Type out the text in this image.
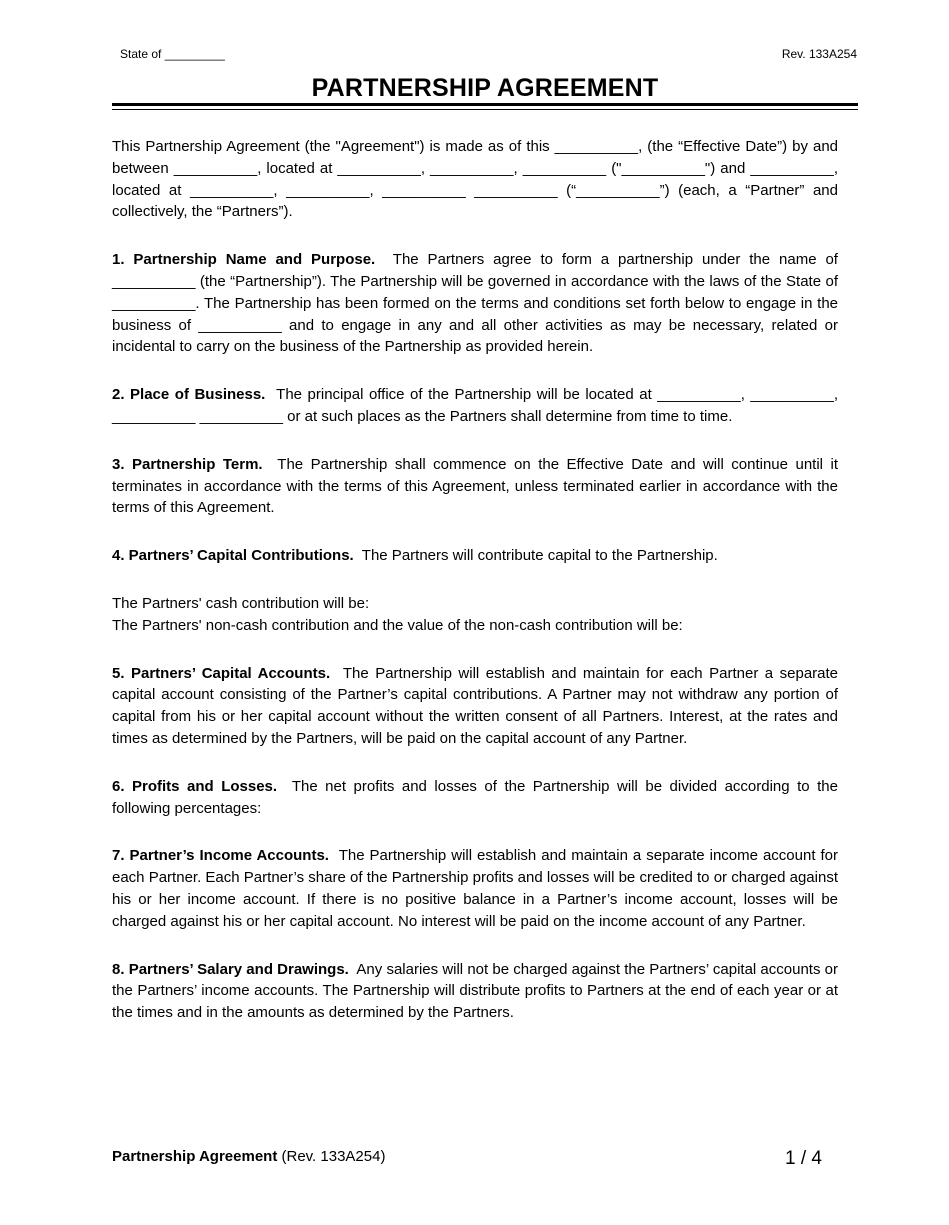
State of _________	Rev. 133A254
PARTNERSHIP AGREEMENT

This Partnership Agreement (the "Agreement") is made as of this __________, (the “Effective Date”) by and between __________, located at __________, __________, __________ ("__________") and __________, located at __________, __________, __________ __________ (“__________”) (each, a “Partner” and collectively, the “Partners”).

1. Partnership Name and Purpose. The Partners agree to form a partnership under the name of __________ (the “Partnership”). The Partnership will be governed in accordance with the laws of the State of __________. The Partnership has been formed on the terms and conditions set forth below to engage in the business of __________ and to engage in any and all other activities as may be necessary, related or incidental to carry on the business of the Partnership as provided herein.

2. Place of Business. The principal office of the Partnership will be located at __________, __________, __________ __________ or at such places as the Partners shall determine from time to time.

3. Partnership Term. The Partnership shall commence on the Effective Date and will continue until it terminates in accordance with the terms of this Agreement, unless terminated earlier in accordance with the terms of this Agreement.

4. Partners’ Capital Contributions. The Partners will contribute capital to the Partnership.

The Partners' cash contribution will be:

The Partners' non-cash contribution and the value of the non-cash contribution will be:

5. Partners’ Capital Accounts. The Partnership will establish and maintain for each Partner a separate capital account consisting of the Partner’s capital contributions. A Partner may not withdraw any portion of capital from his or her capital account without the written consent of all Partners. Interest, at the rates and times as determined by the Partners, will be paid on the capital account of any Partner.

6. Profits and Losses. The net profits and losses of the Partnership will be divided according to the following percentages:

7. Partner’s Income Accounts. The Partnership will establish and maintain a separate income account for each Partner. Each Partner’s share of the Partnership profits and losses will be credited to or charged against his or her income account. If there is no positive balance in a Partner’s income account, losses will be charged against his or her capital account. No interest will be paid on the income account of any Partner.

8. Partners’ Salary and Drawings. Any salaries will not be charged against the Partners’ capital accounts or the Partners’ income accounts. The Partnership will distribute profits to Partners at the end of each year or at the times and in the amounts as determined by the Partners.

Partnership Agreement (Rev. 133A254)	1 / 4
